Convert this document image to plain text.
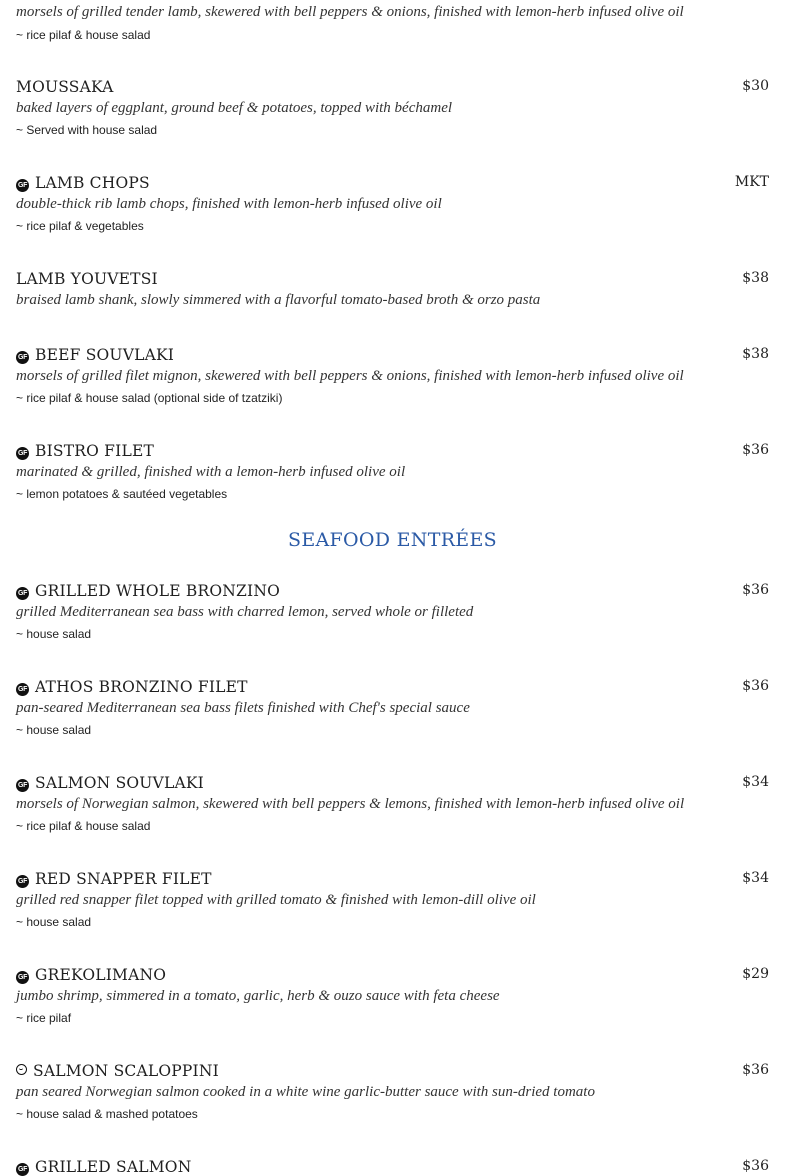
morsels of grilled tender lamb, skewered with bell peppers & onions, finished with lemon-herb infused olive oil
~ rice pilaf & house salad
MOUSSAKA	$30
baked layers of eggplant, ground beef & potatoes, topped with béchamel
~ Served with house salad
GF LAMB CHOPS	MKT
double-thick rib lamb chops, finished with lemon-herb infused olive oil
~ rice pilaf & vegetables
LAMB YOUVETSI	$38
braised lamb shank, slowly simmered with a flavorful tomato-based broth & orzo pasta
GF BEEF SOUVLAKI	$38
morsels of grilled filet mignon, skewered with bell peppers & onions, finished with lemon-herb infused olive oil
~ rice pilaf & house salad (optional side of tzatziki)
GF BISTRO FILET	$36
marinated & grilled, finished with a lemon-herb infused olive oil
~ lemon potatoes & sautéed vegetables
SEAFOOD ENTRÉES
GF GRILLED WHOLE BRONZINO	$36
grilled Mediterranean sea bass with charred lemon, served whole or filleted
~ house salad
GF ATHOS BRONZINO FILET	$36
pan-seared Mediterranean sea bass filets finished with Chef's special sauce
~ house salad
GF SALMON SOUVLAKI	$34
morsels of Norwegian salmon, skewered with bell peppers & lemons, finished with lemon-herb infused olive oil
~ rice pilaf & house salad
GF RED SNAPPER FILET	$34
grilled red snapper filet topped with grilled tomato & finished with lemon-dill olive oil
~ house salad
GF GREKOLIMANO	$29
jumbo shrimp, simmered in a tomato, garlic, herb & ouzo sauce with feta cheese
~ rice pilaf
SALMON SCALOPPINI	$36
pan seared Norwegian salmon cooked in a white wine garlic-butter sauce with sun-dried tomato
~ house salad & mashed potatoes
GF GRILLED SALMON	$36
